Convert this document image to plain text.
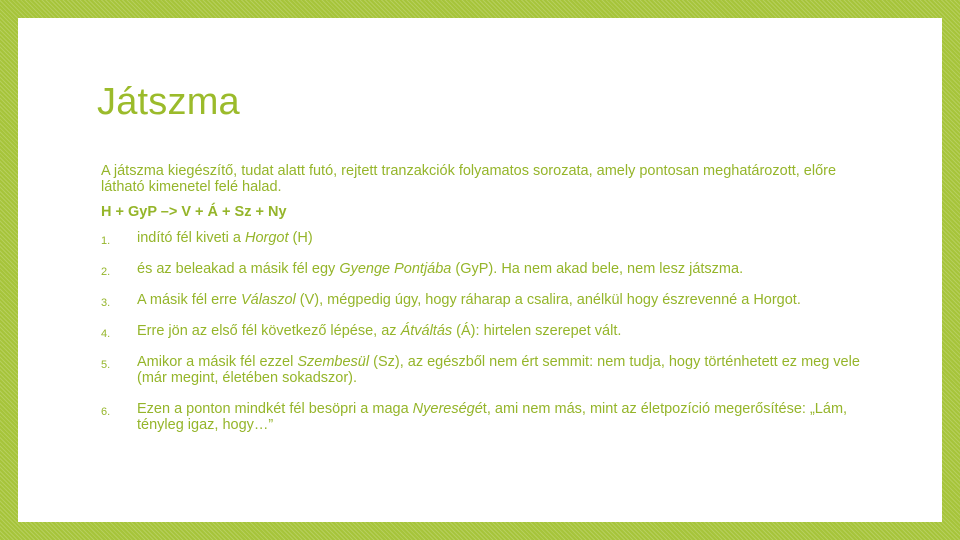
Játszma

A játszma kiegészítő, tudat alatt futó, rejtett tranzakciók folyamatos sorozata, amely pontosan meghatározott, előre látható kimenetel felé halad.

H + GyP –> V + Á + Sz + Ny

1. indító fél kiveti a Horgot (H)
2. és az beleakad a másik fél egy Gyenge Pontjába (GyP). Ha nem akad bele, nem lesz játszma.
3. A másik fél erre Válaszol (V), mégpedig úgy, hogy ráharap a csalira, anélkül hogy észrevenné a Horgot.
4. Erre jön az első fél következő lépése, az Átváltás (Á): hirtelen szerepet vált.
5. Amikor a másik fél ezzel Szembesül (Sz), az egészből nem ért semmit: nem tudja, hogy történhetett ez meg vele (már megint, életében sokadszor).
6. Ezen a ponton mindkét fél besöpri a maga Nyereségét, ami nem más, mint az életpozíció megerősítése: „Lám, tényleg igaz, hogy…”
